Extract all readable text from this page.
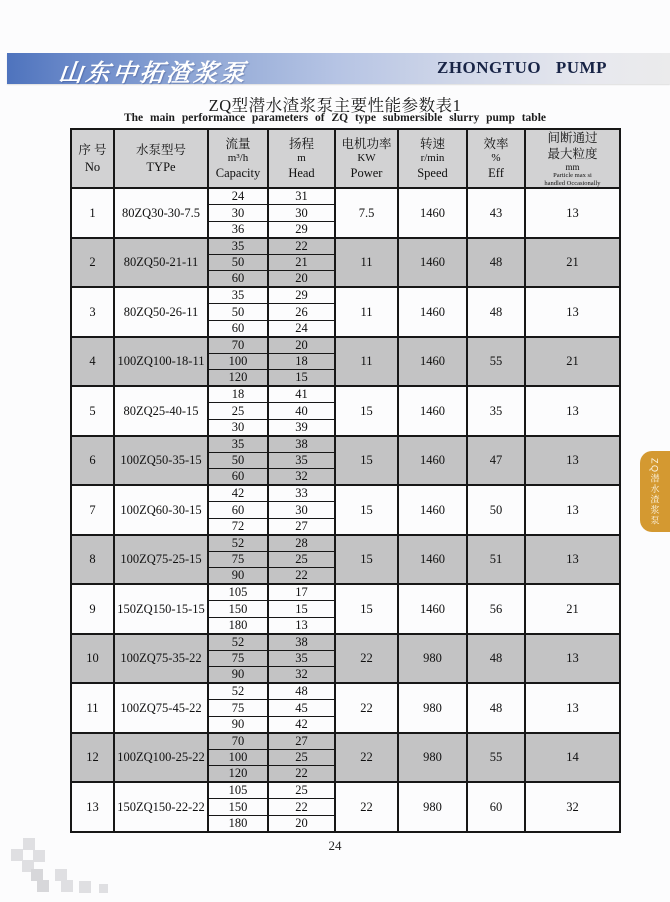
山东中拓渣浆泵	ZHONGTUO PUMP
ZQ型潜水渣浆泵主要性能参数表1
The main performance parameters of ZQ type submersible slurry pump table
序 号
No

水泵型号
TYPe

流量
m³/h
Capacity

扬程
m
Head

电机功率
KW
Power

转速
r/min
Speed

效率
%
Eff

间断通过
最大粒度
mm
Particle max si
handled Occasionally

1	80ZQ30-30-7.5	24	31	7.5	1460	43	13
		30	30				
		36	29				
2	80ZQ50-21-11	35	22	11	1460	48	21
		50	21				
		60	20				
3	80ZQ50-26-11	35	29	11	1460	48	13
		50	26				
		60	24				
4	100ZQ100-18-11	70	20	11	1460	55	21
		100	18				
		120	15				
5	80ZQ25-40-15	18	41	15	1460	35	13
		25	40				
		30	39				
6	100ZQ50-35-15	35	38	15	1460	47	13
		50	35				
		60	32				
7	100ZQ60-30-15	42	33	15	1460	50	13
		60	30				
		72	27				
8	100ZQ75-25-15	52	28	15	1460	51	13
		75	25				
		90	22				
9	150ZQ150-15-15	105	17	15	1460	56	21
		150	15				
		180	13				
10	100ZQ75-35-22	52	38	22	980	48	13
		75	35				
		90	32				
11	100ZQ75-45-22	52	48	22	980	48	13
		75	45				
		90	42				
12	100ZQ100-25-22	70	27	22	980	55	14
		100	25				
		120	22				
13	150ZQ150-22-22	105	25	22	980	60	32
		150	22				
		180	20				
24
ZQ潜水渣浆泵
